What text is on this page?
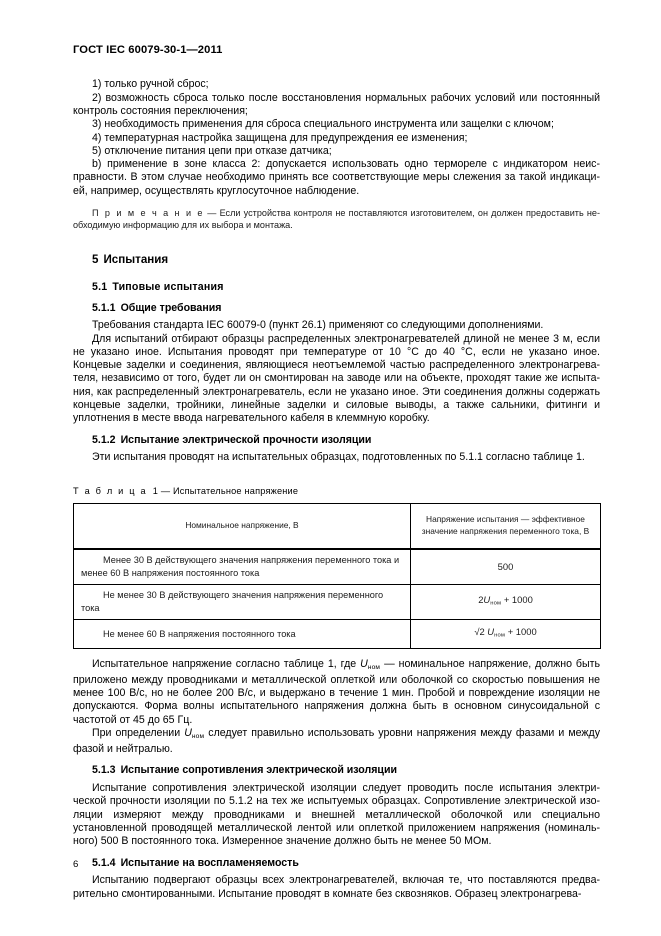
ГОСТ IEC 60079-30-1—2011

1) только ручной сброс;

2) возможность сброса только после восстановления нормальных рабочих условий или постоянный контроль состояния переключения;

3) необходимость применения для сброса специального инструмента или защелки с ключом;

4) температурная настройка защищена для предупреждения ее изменения;

5) отключение питания цепи при отказе датчика;

b) применение в зоне класса 2: допускается использовать одно термореле с индикатором неисправности. В этом случае необходимо принять все соответствующие меры слежения за такой индикацией, например, осуществлять круглосуточное наблюдение.

П р и м е ч а н и е — Если устройства контроля не поставляются изготовителем, он должен предоставить необходимую информацию для их выбора и монтажа.

5 Испытания
5.1 Типовые испытания
5.1.1 Общие требования

Требования стандарта IEC 60079-0 (пункт 26.1) применяют со следующими дополнениями.

Для испытаний отбирают образцы распределенных электронагревателей длиной не менее 3 м, если не указано иное. Испытания проводят при температуре от 10 °C до 40 °C, если не указано иное. Концевые заделки и соединения, являющиеся неотъемлемой частью распределенного электронагревателя, независимо от того, будет ли он смонтирован на заводе или на объекте, проходят такие же испытания, как распределенный электронагреватель, если не указано иное. Эти соединения должны содержать концевые заделки, тройники, линейные заделки и силовые выводы, а также сальники, фитинги и уплотнения в месте ввода нагревательного кабеля в клеммную коробку.

5.1.2 Испытание электрической прочности изоляции

Эти испытания проводят на испытательных образцах, подготовленных по 5.1.1 согласно таблице 1.

Т а б л и ц а 1 — Испытательное напряжение
Номинальное напряжение, В	Напряжение испытания — эффективное значение напряжения переменного тока, В
Менее 30 В действующего значения напряжения переменного тока и менее 60 В напряжения постоянного тока	500
Не менее 30 В действующего значения напряжения переменного тока	$2U_{ном} + 1000$
Не менее 60 В напряжения постоянного тока	√2 $U_{ном} + 1000$

Испытательное напряжение согласно таблице 1, где $U_{ном}$ — номинальное напряжение, должно быть приложено между проводниками и металлической оплеткой или оболочкой со скоростью повышения не менее 100 В/с, но не более 200 В/с, и выдержано в течение 1 мин. Пробой и повреждение изоляции не допускаются. Форма волны испытательного напряжения должна быть в основном синусоидальной с частотой от 45 до 65 Гц.

При определении $U_{ном}$ следует правильно использовать уровни напряжения между фазами и между фазой и нейтралью.

5.1.3 Испытание сопротивления электрической изоляции

Испытание сопротивления электрической изоляции следует проводить после испытания электрической прочности изоляции по 5.1.2 на тех же испытуемых образцах. Сопротивление электрической изоляции измеряют между проводниками и внешней металлической оболочкой или специально установленной проводящей металлической лентой или оплеткой приложением напряжения (номинального) 500 В постоянного тока. Измеренное значение должно быть не менее 50 МОм.

5.1.4 Испытание на воспламеняемость

Испытанию подвергают образцы всех электронагревателей, включая те, что поставляются предварительно смонтированными. Испытание проводят в комнате без сквозняков. Образец электронагрева-

6
